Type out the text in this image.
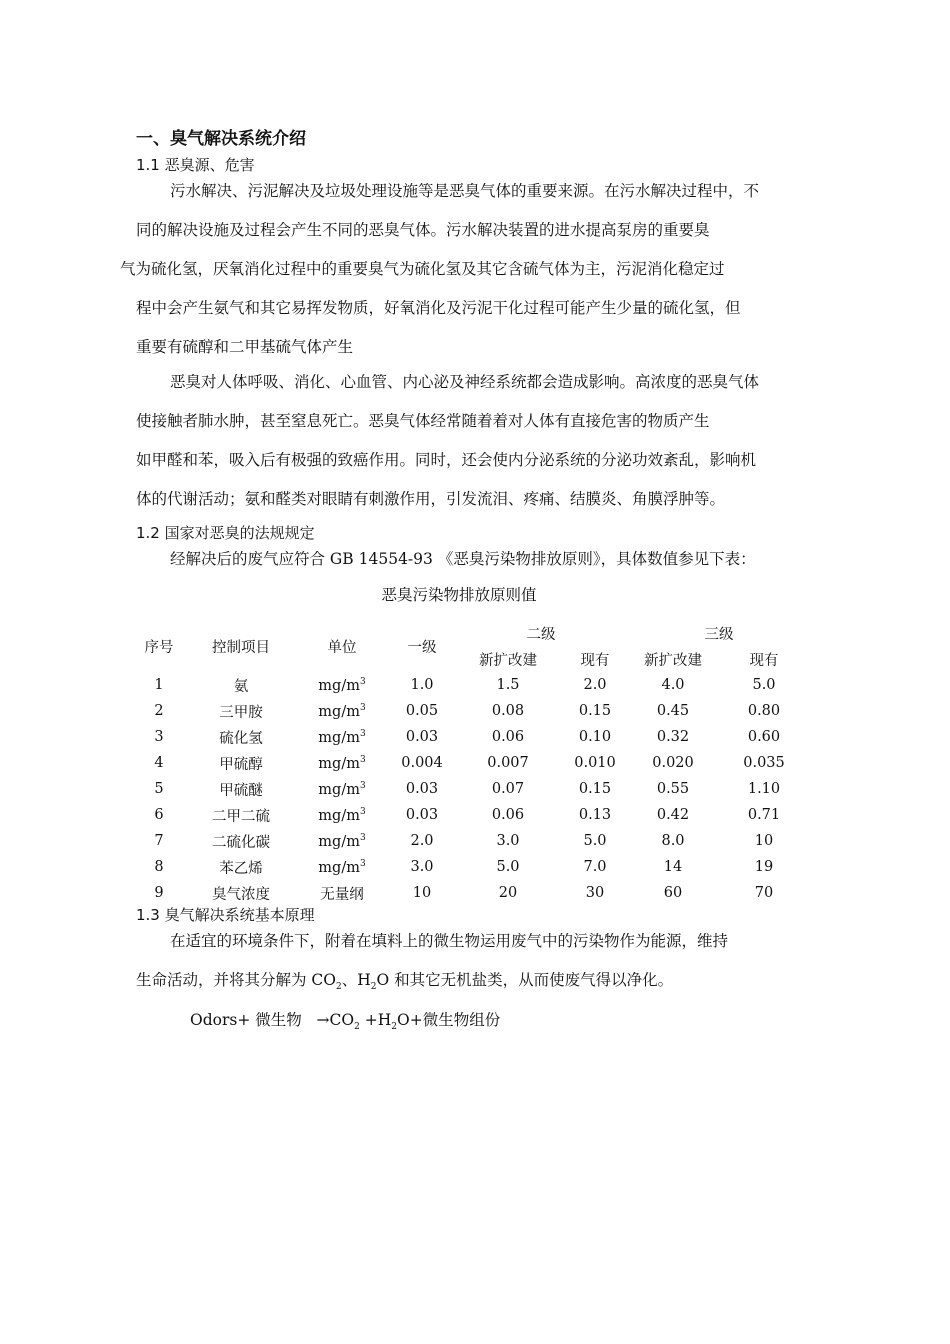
一、臭气解决系统介绍
1.1 恶臭源、危害
污水解决、污泥解决及垃圾处理设施等是恶臭气体的重要来源。在污水解决过程中，不
同的解决设施及过程会产生不同的恶臭气体。污水解决装置的进水提高泵房的重要臭
气为硫化氢，厌氧消化过程中的重要臭气为硫化氢及其它含硫气体为主，污泥消化稳定过
程中会产生氨气和其它易挥发物质，好氧消化及污泥干化过程可能产生少量的硫化氢，但
重要有硫醇和二甲基硫气体产生
恶臭对人体呼吸、消化、心血管、内心泌及神经系统都会造成影响。高浓度的恶臭气体
使接触者肺水肿，甚至窒息死亡。恶臭气体经常随着着对人体有直接危害的物质产生
如甲醛和苯，吸入后有极强的致癌作用。同时，还会使内分泌系统的分泌功效紊乱，影响机
体的代谢活动；氨和醛类对眼睛有刺激作用，引发流泪、疼痛、结膜炎、角膜浮肿等。
1.2 国家对恶臭的法规规定
经解决后的废气应符合 GB 14554-93 《恶臭污染物排放原则》，具体数值参见下表：
恶臭污染物排放原则值
序号	控制项目	单位	一级	二级		三级	
				新扩改建	现有	新扩改建	现有
1	氨	$mg/m^3$	1.0	1.5	2.0	4.0	5.0
2	三甲胺	$mg/m^3$	0.05	0.08	0.15	0.45	0.80
3	硫化氢	$mg/m^3$	0.03	0.06	0.10	0.32	0.60
4	甲硫醇	$mg/m^3$	0.004	0.007	0.010	0.020	0.035
5	甲硫醚	$mg/m^3$	0.03	0.07	0.15	0.55	1.10
6	二甲二硫	$mg/m^3$	0.03	0.06	0.13	0.42	0.71
7	二硫化碳	$mg/m^3$	2.0	3.0	5.0	8.0	10
8	苯乙烯	$mg/m^3$	3.0	5.0	7.0	14	19
9	臭气浓度	无量纲	10	20	30	60	70
1.3 臭气解决系统基本原理
在适宜的环境条件下，附着在填料上的微生物运用废气中的污染物作为能源，维持
生命活动，并将其分解为 $CO_2$、$H_2O$ 和其它无机盐类，从而使废气得以净化。
Odors+ 微生物 $\to CO_2 +H_2O+$微生物组份
